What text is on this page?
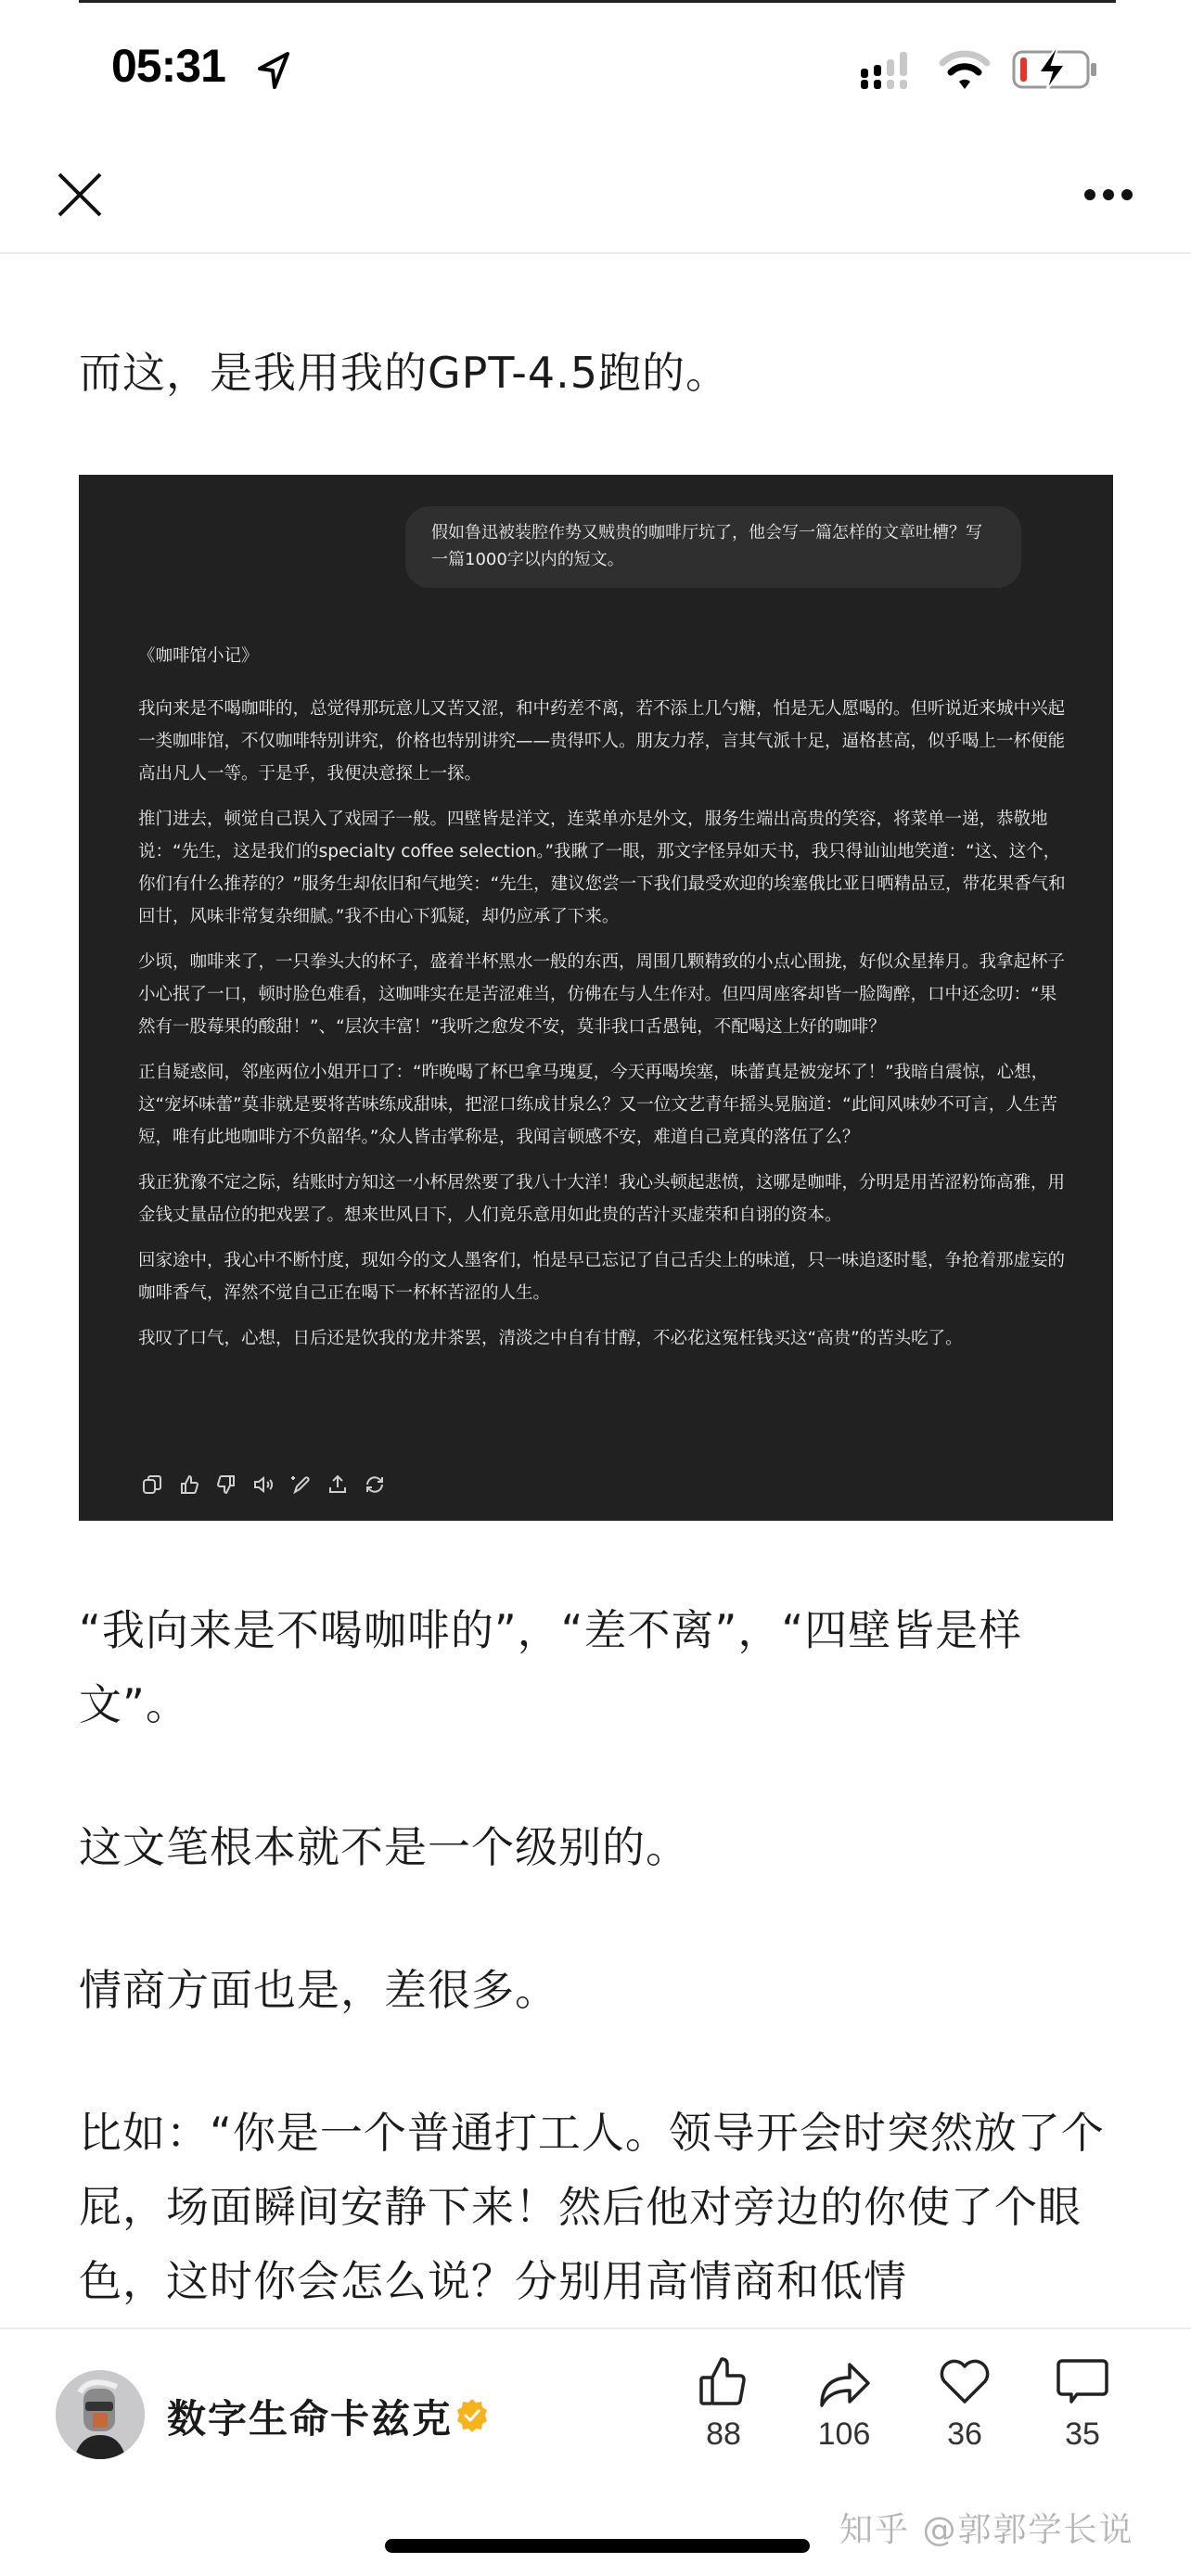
05:31
而这，是我用我的GPT-4.5跑的。
假如鲁迅被装腔作势又贼贵的咖啡厅坑了，他会写一篇怎样的文章吐槽？写一篇1000字以内的短文。

《咖啡馆小记》

我向来是不喝咖啡的，总觉得那玩意儿又苦又涩，和中药差不离，若不添上几勺糖，怕是无人愿喝的。但听说近来城中兴起一类咖啡馆，不仅咖啡特别讲究，价格也特别讲究——贵得吓人。朋友力荐，言其气派十足，逼格甚高，似乎喝上一杯便能高出凡人一等。于是乎，我便决意探上一探。

推门进去，顿觉自己误入了戏园子一般。四壁皆是洋文，连菜单亦是外文，服务生端出高贵的笑容，将菜单一递，恭敬地说：“先生，这是我们的specialty coffee selection。”我瞅了一眼，那文字怪异如天书，我只得讪讪地笑道：“这、这个，你们有什么推荐的？”服务生却依旧和气地笑：“先生，建议您尝一下我们最受欢迎的埃塞俄比亚日晒精品豆，带花果香气和回甘，风味非常复杂细腻。”我不由心下狐疑，却仍应承了下来。

少顷，咖啡来了，一只拳头大的杯子，盛着半杯黑水一般的东西，周围几颗精致的小点心围拢，好似众星捧月。我拿起杯子小心抿了一口，顿时脸色难看，这咖啡实在是苦涩难当，仿佛在与人生作对。但四周座客却皆一脸陶醉，口中还念叨：“果然有一股莓果的酸甜！”、“层次丰富！”我听之愈发不安，莫非我口舌愚钝，不配喝这上好的咖啡？

正自疑惑间，邻座两位小姐开口了：“昨晚喝了杯巴拿马瑰夏，今天再喝埃塞，味蕾真是被宠坏了！”我暗自震惊，心想，这“宠坏味蕾”莫非就是要将苦味练成甜味，把涩口练成甘泉么？又一位文艺青年摇头晃脑道：“此间风味妙不可言，人生苦短，唯有此地咖啡方不负韶华。”众人皆击掌称是，我闻言顿感不安，难道自己竟真的落伍了么？

我正犹豫不定之际，结账时方知这一小杯居然要了我八十大洋！我心头顿起悲愤，这哪是咖啡，分明是用苦涩粉饰高雅，用金钱丈量品位的把戏罢了。想来世风日下，人们竟乐意用如此贵的苦汁买虚荣和自诩的资本。

回家途中，我心中不断忖度，现如今的文人墨客们，怕是早已忘记了自己舌尖上的味道，只一味追逐时髦，争抢着那虚妄的咖啡香气，浑然不觉自己正在喝下一杯杯苦涩的人生。

我叹了口气，心想，日后还是饮我的龙井茶罢，清淡之中自有甘醇，不必花这冤枉钱买这“高贵”的苦头吃了。

“我向来是不喝咖啡的”，“差不离”，“四壁皆是样文”。
这文笔根本就不是一个级别的。
情商方面也是，差很多。
比如：“你是一个普通打工人。领导开会时突然放了个屁，场面瞬间安静下来！然后他对旁边的你使了个眼色，这时你会怎么说？分别用高情商和低情
数字生命卡兹克	88	106	36	35
知乎 @郭郭学长说
